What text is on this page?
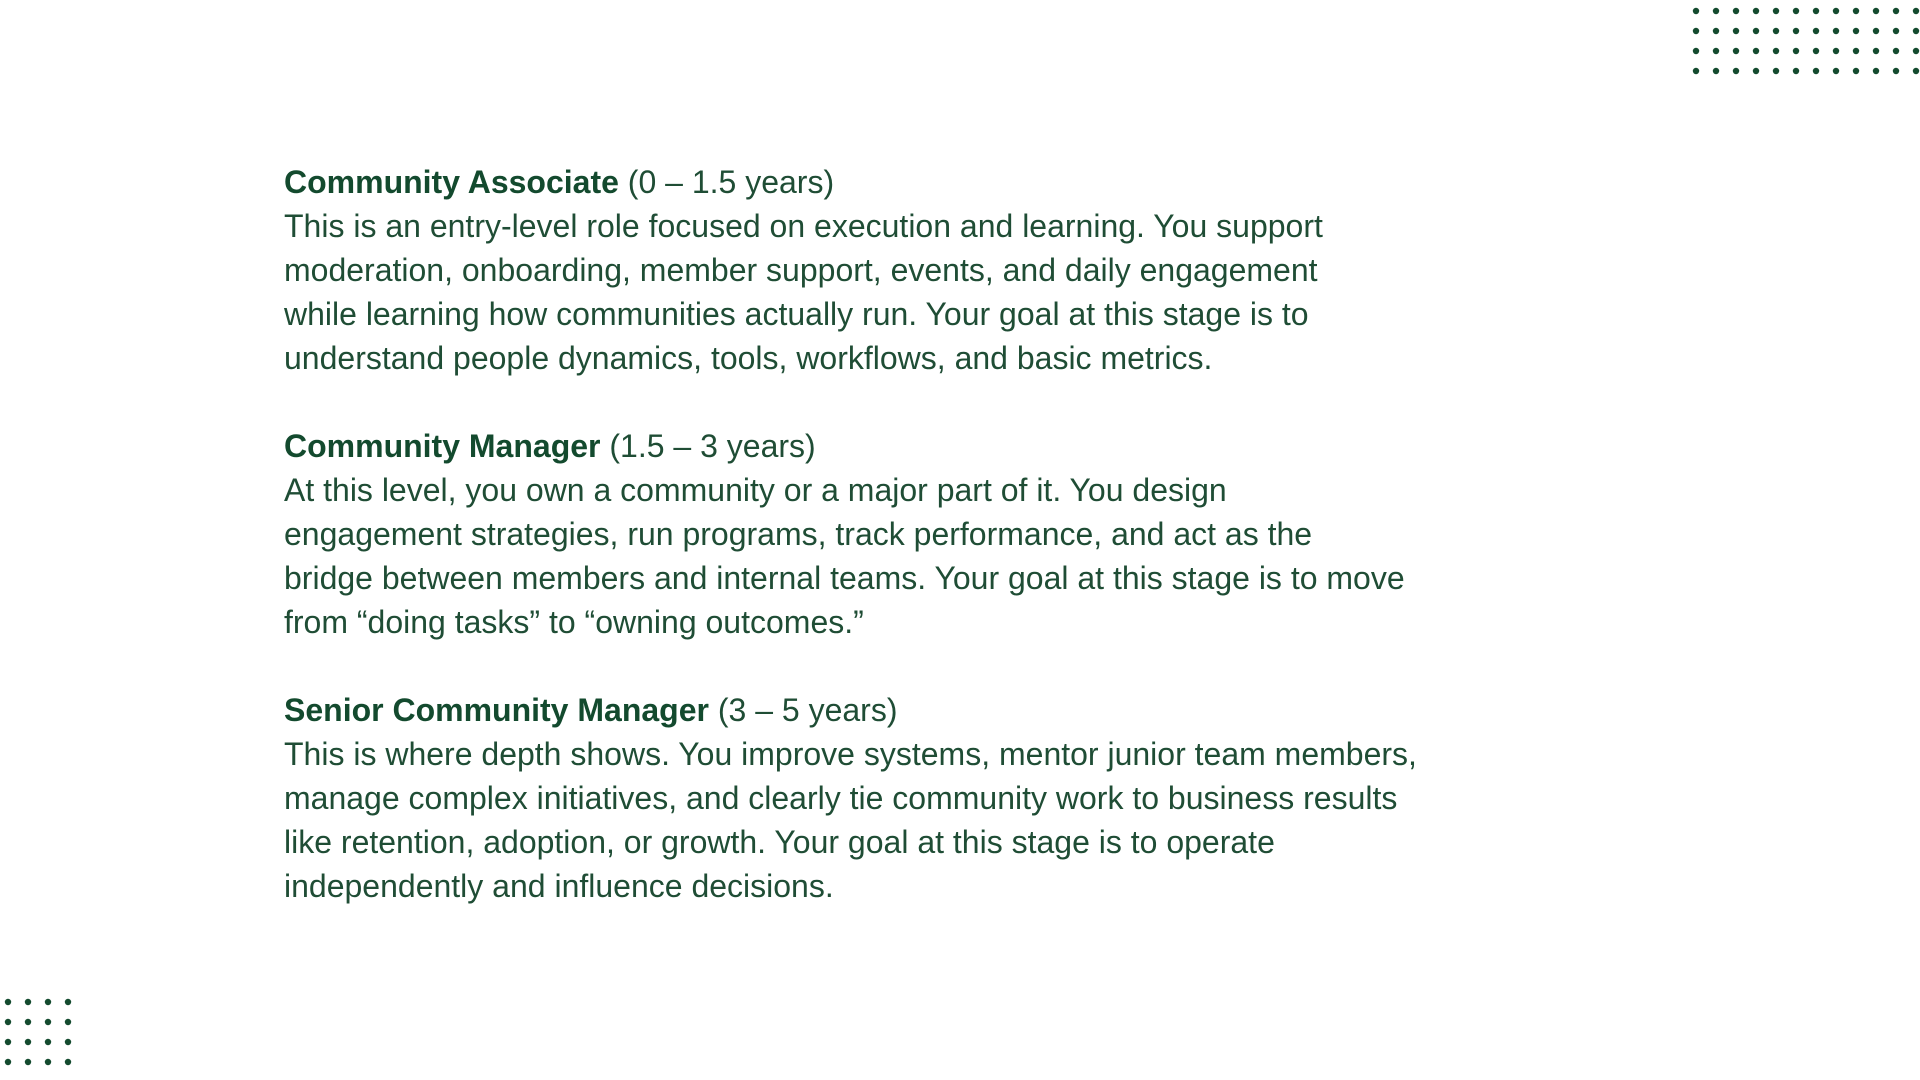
Community Associate (0 – 1.5 years)

This is an entry-level role focused on execution and learning. You support
moderation, onboarding, member support, events, and daily engagement
while learning how communities actually run. Your goal at this stage is to
understand people dynamics, tools, workflows, and basic metrics.

Community Manager (1.5 – 3 years)

At this level, you own a community or a major part of it. You design
engagement strategies, run programs, track performance, and act as the
bridge between members and internal teams. Your goal at this stage is to move
from “doing tasks” to “owning outcomes.”

Senior Community Manager (3 – 5 years)

This is where depth shows. You improve systems, mentor junior team members,
manage complex initiatives, and clearly tie community work to business results
like retention, adoption, or growth. Your goal at this stage is to operate
independently and influence decisions.
